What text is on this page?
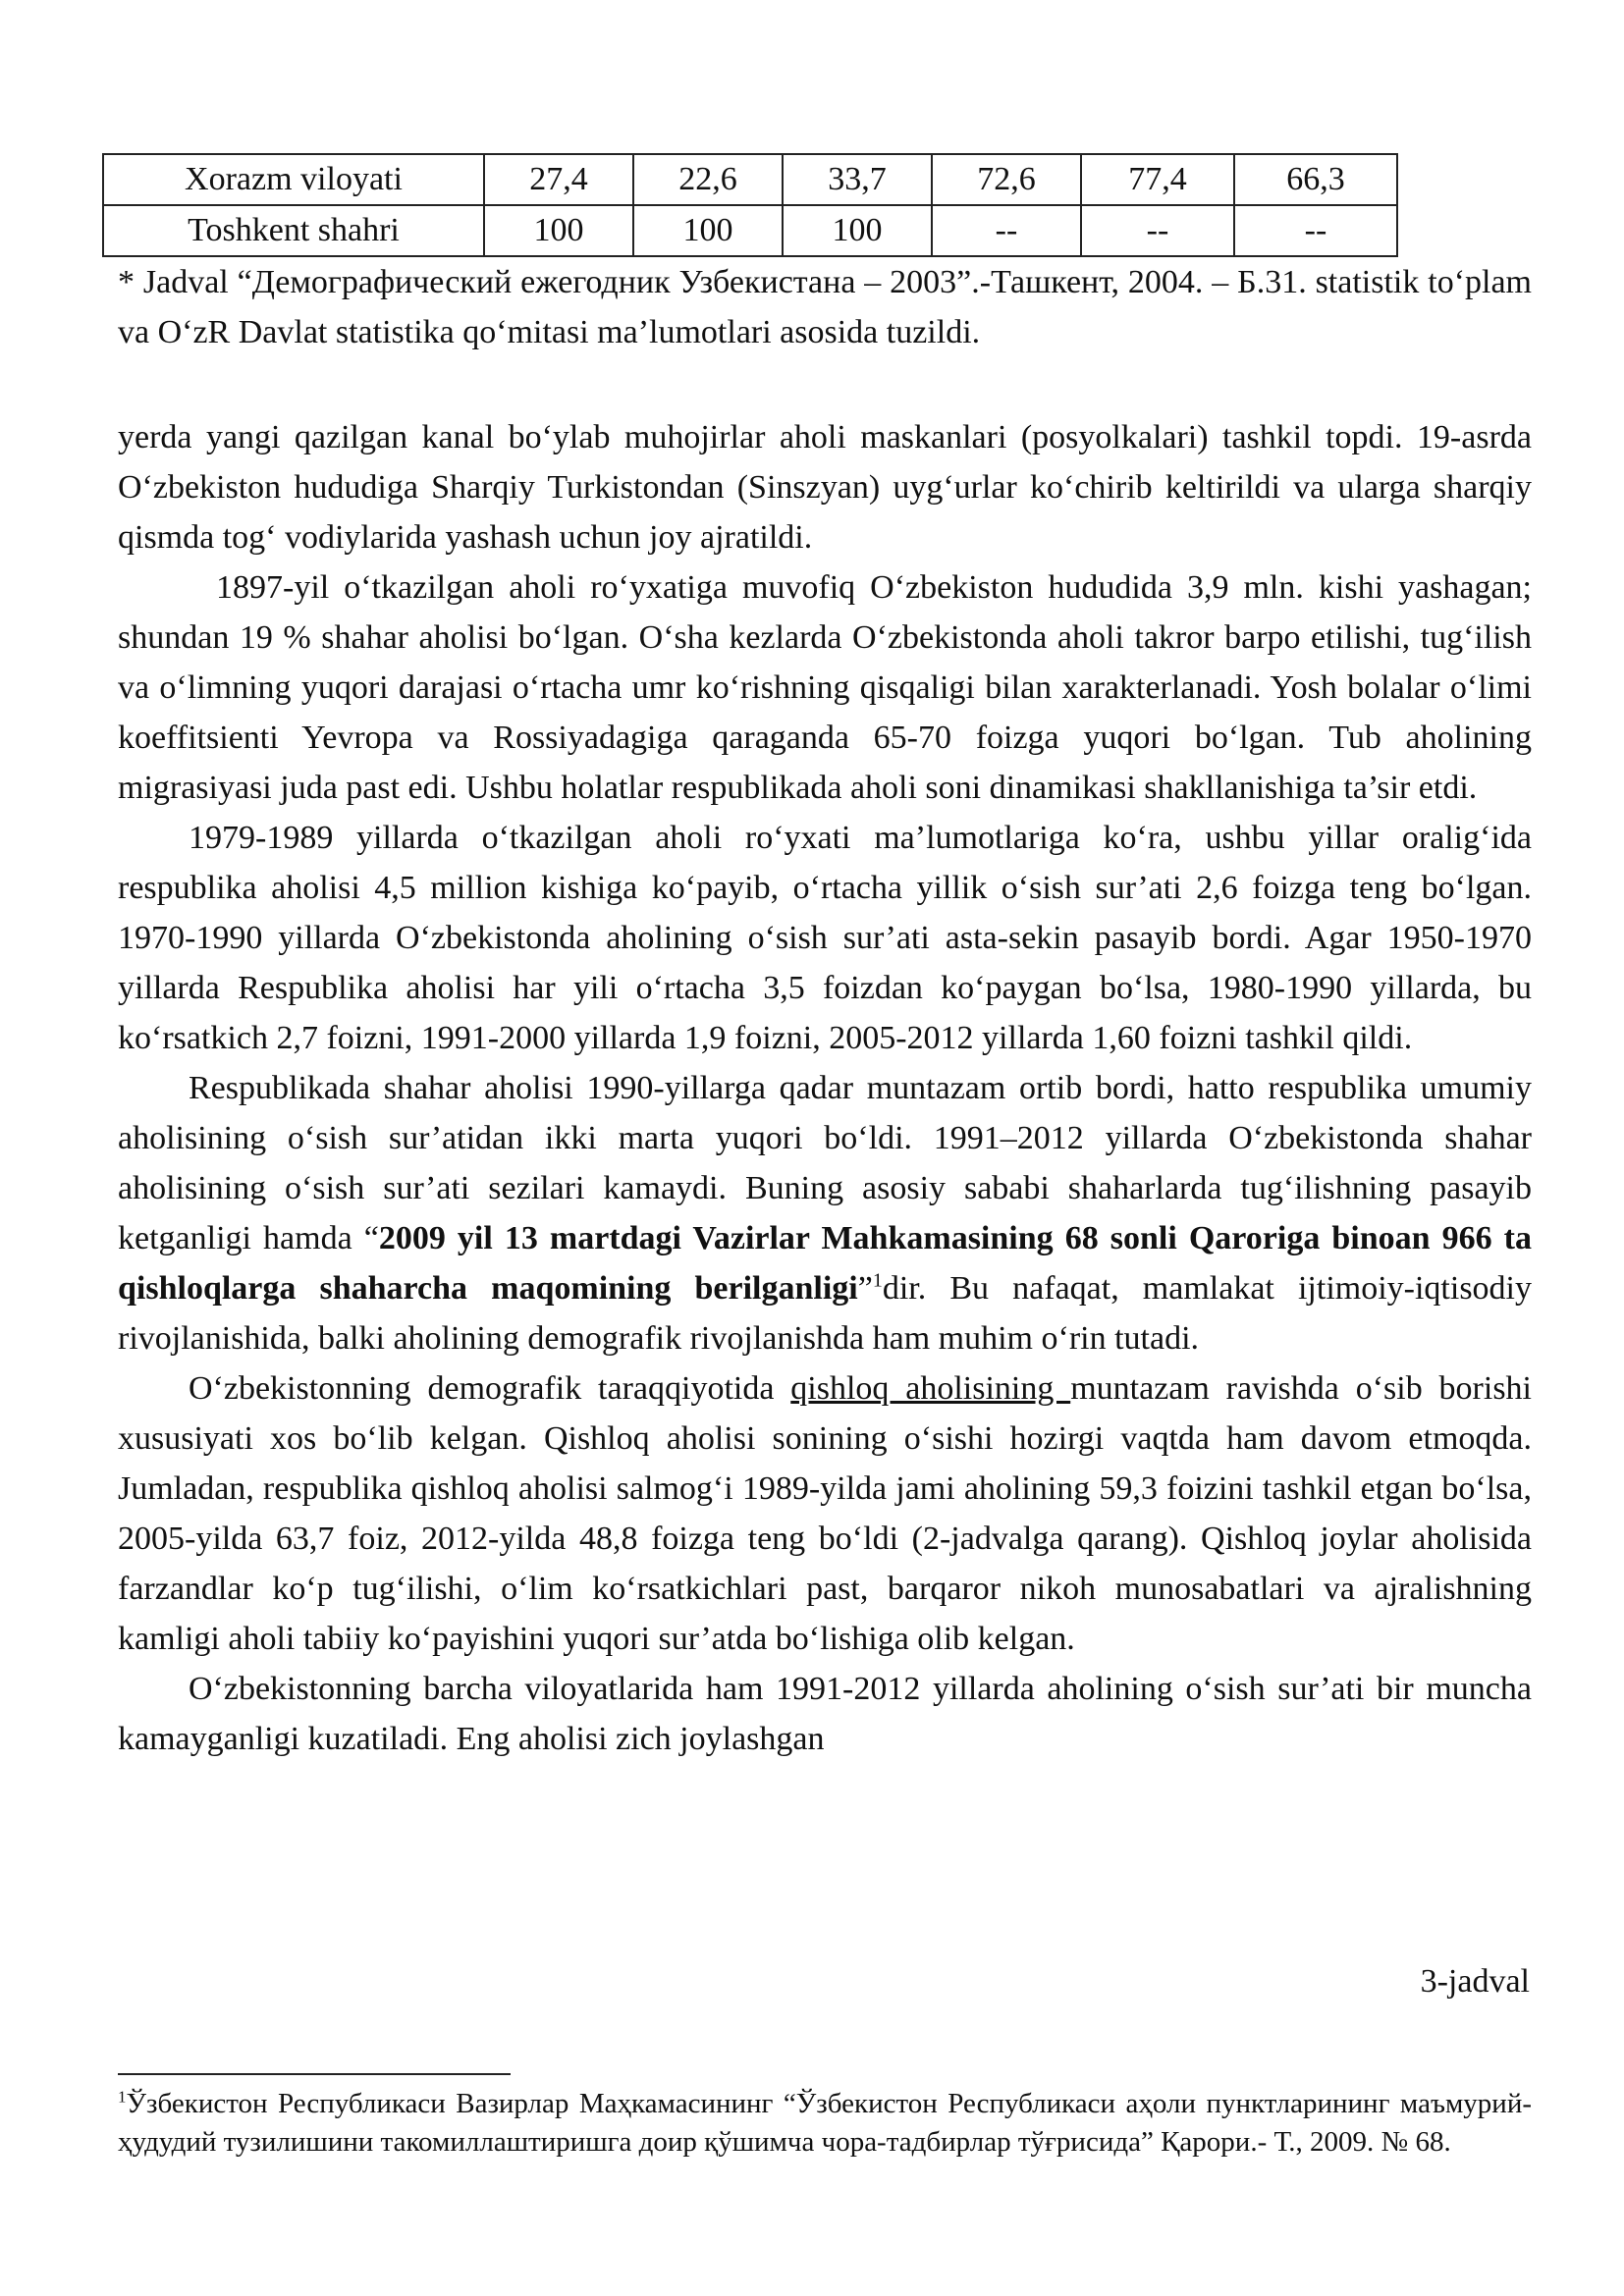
Xorazm viloyati	27,4	22,6	33,7	72,6	77,4	66,3
Toshkent shahri	100	100	100	--	--	--
* Jadval “Демографический ежегодник Узбекистана – 2003”.-Ташкент, 2004. – Б.31. statistik to‘plam va O‘zR Davlat statistika qo‘mitasi ma’lumotlari asosida tuzildi.

yerda yangi qazilgan kanal bo‘ylab muhojirlar aholi maskanlari (posyolkalari) tashkil topdi. 19-asrda O‘zbekiston hududiga Sharqiy Turkistondan (Sinszyan) uyg‘urlar ko‘chirib keltirildi va ularga sharqiy qismda tog‘ vodiylarida yashash uchun joy ajratildi.

1897-yil o‘tkazilgan aholi ro‘yxatiga muvofiq O‘zbekiston hududida 3,9 mln. kishi yashagan; shundan 19 % shahar aholisi bo‘lgan. O‘sha kezlarda O‘zbekistonda aholi takror barpo etilishi, tug‘ilish va o‘limning yuqori darajasi o‘rtacha umr ko‘rishning qisqaligi bilan xarakterlanadi. Yosh bolalar o‘limi koeffitsienti Yevropa va Rossiyadagiga qaraganda 65-70 foizga yuqori bo‘lgan. Tub aholining migrasiyasi juda past edi. Ushbu holatlar respublikada aholi soni dinamikasi shakllanishiga ta’sir etdi.

1979-1989 yillarda o‘tkazilgan aholi ro‘yxati ma’lumotlariga ko‘ra, ushbu yillar oralig‘ida respublika aholisi 4,5 million kishiga ko‘payib, o‘rtacha yillik o‘sish sur’ati 2,6 foizga teng bo‘lgan. 1970-1990 yillarda O‘zbekistonda aholining o‘sish sur’ati asta-sekin pasayib bordi. Agar 1950-1970 yillarda Respublika aholisi har yili o‘rtacha 3,5 foizdan ko‘paygan bo‘lsa, 1980-1990 yillarda, bu ko‘rsatkich 2,7 foizni, 1991-2000 yillarda 1,9 foizni, 2005-2012 yillarda 1,60 foizni tashkil qildi.

Respublikada shahar aholisi 1990-yillarga qadar muntazam ortib bordi, hatto respublika umumiy aholisining o‘sish sur’atidan ikki marta yuqori bo‘ldi. 1991–2012 yillarda O‘zbekistonda shahar aholisining o‘sish sur’ati sezilari kamaydi. Buning asosiy sababi shaharlarda tug‘ilishning pasayib ketganligi hamda “2009 yil 13 martdagi Vazirlar Mahkamasining 68 sonli Qaroriga binoan 966 ta qishloqlarga shaharcha maqomining berilganligi”$^1$dir. Bu nafaqat, mamlakat ijtimoiy-iqtisodiy rivojlanishida, balki aholining demografik rivojlanishda ham muhim o‘rin tutadi.

O‘zbekistonning demografik taraqqiyotida qishloq aholisining muntazam ravishda o‘sib borishi xususiyati xos bo‘lib kelgan. Qishloq aholisi sonining o‘sishi hozirgi vaqtda ham davom etmoqda. Jumladan, respublika qishloq aholisi salmog‘i 1989-yilda jami aholining 59,3 foizini tashkil etgan bo‘lsa, 2005-yilda 63,7 foiz, 2012-yilda 48,8 foizga teng bo‘ldi (2-jadvalga qarang). Qishloq joylar aholisida farzandlar ko‘p tug‘ilishi, o‘lim ko‘rsatkichlari past, barqaror nikoh munosabatlari va ajralishning kamligi aholi tabiiy ko‘payishini yuqori sur’atda bo‘lishiga olib kelgan.

O‘zbekistonning barcha viloyatlarida ham 1991-2012 yillarda aholining o‘sish sur’ati bir muncha kamayganligi kuzatiladi. Eng aholisi zich joylashgan

3-jadval
$^1$Ўзбекистон Республикаси Вазирлар Маҳкамасининг “Ўзбекистон Республикаси аҳоли пунктларининг маъмурий-ҳудудий тузилишини такомиллаштиришга доир қўшимча чора-тадбирлар тўғрисида” Қарори.- Т., 2009. № 68.
